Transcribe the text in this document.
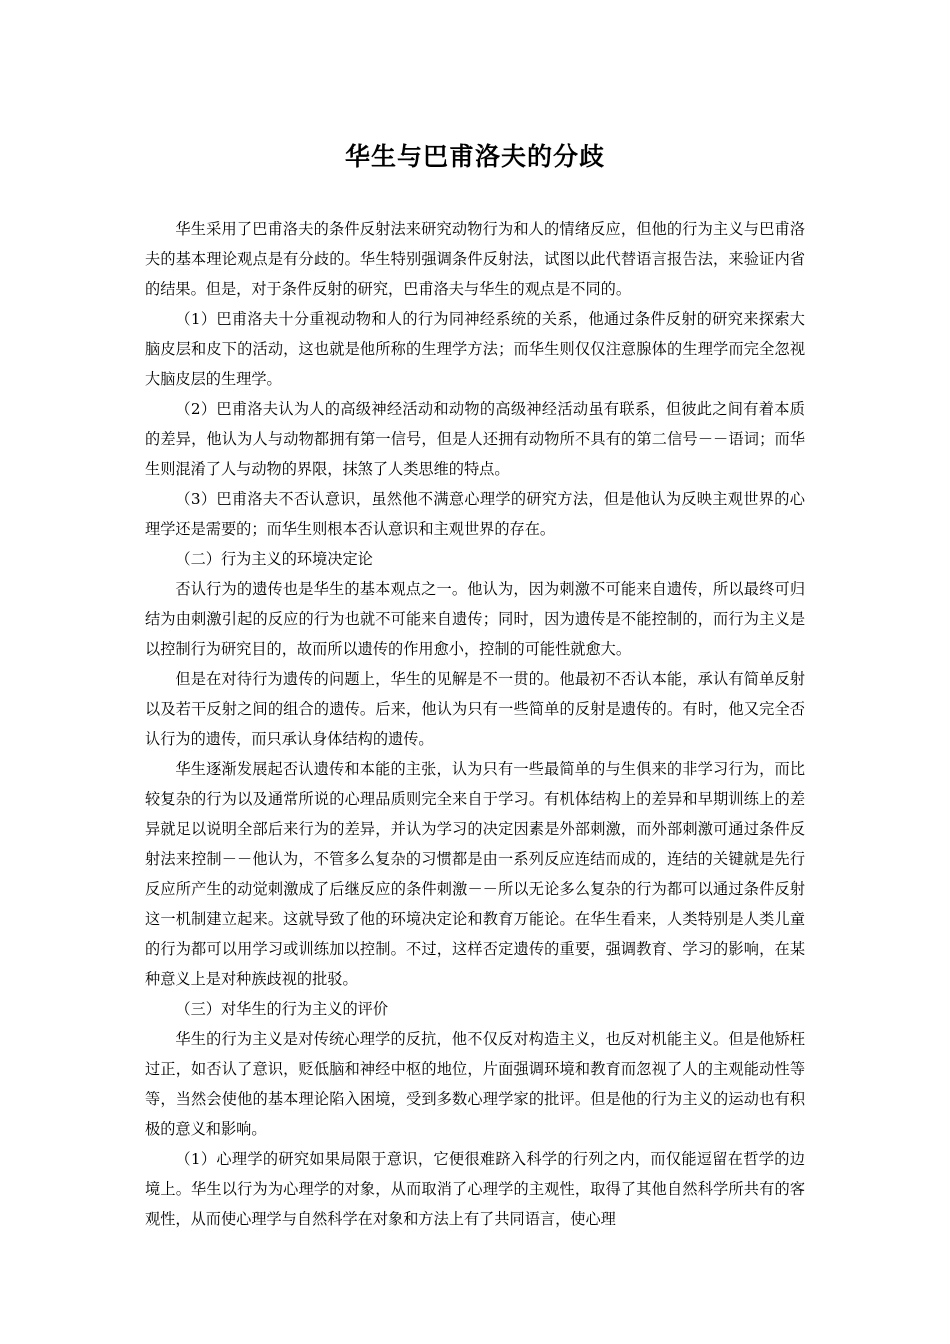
华生与巴甫洛夫的分歧

华生采用了巴甫洛夫的条件反射法来研究动物行为和人的情绪反应，但他的行为主义与巴甫洛夫的基本理论观点是有分歧的。华生特别强调条件反射法，试图以此代替语言报告法，来验证内省的结果。但是，对于条件反射的研究，巴甫洛夫与华生的观点是不同的。

（1）巴甫洛夫十分重视动物和人的行为同神经系统的关系，他通过条件反射的研究来探索大脑皮层和皮下的活动，这也就是他所称的生理学方法；而华生则仅仅注意腺体的生理学而完全忽视大脑皮层的生理学。

（2）巴甫洛夫认为人的高级神经活动和动物的高级神经活动虽有联系，但彼此之间有着本质的差异，他认为人与动物都拥有第一信号，但是人还拥有动物所不具有的第二信号－－语词；而华生则混淆了人与动物的界限，抹煞了人类思维的特点。

（3）巴甫洛夫不否认意识，虽然他不满意心理学的研究方法，但是他认为反映主观世界的心理学还是需要的；而华生则根本否认意识和主观世界的存在。

（二）行为主义的环境决定论

否认行为的遗传也是华生的基本观点之一。他认为，因为刺激不可能来自遗传，所以最终可归结为由刺激引起的反应的行为也就不可能来自遗传；同时，因为遗传是不能控制的，而行为主义是以控制行为研究目的，故而所以遗传的作用愈小，控制的可能性就愈大。

但是在对待行为遗传的问题上，华生的见解是不一贯的。他最初不否认本能，承认有简单反射以及若干反射之间的组合的遗传。后来，他认为只有一些简单的反射是遗传的。有时，他又完全否认行为的遗传，而只承认身体结构的遗传。

华生逐渐发展起否认遗传和本能的主张，认为只有一些最简单的与生俱来的非学习行为，而比较复杂的行为以及通常所说的心理品质则完全来自于学习。有机体结构上的差异和早期训练上的差异就足以说明全部后来行为的差异，并认为学习的决定因素是外部刺激，而外部刺激可通过条件反射法来控制－－他认为，不管多么复杂的习惯都是由一系列反应连结而成的，连结的关键就是先行反应所产生的动觉刺激成了后继反应的条件刺激－－所以无论多么复杂的行为都可以通过条件反射这一机制建立起来。这就导致了他的环境决定论和教育万能论。在华生看来，人类特别是人类儿童的行为都可以用学习或训练加以控制。不过，这样否定遗传的重要，强调教育、学习的影响，在某种意义上是对种族歧视的批驳。

（三）对华生的行为主义的评价

华生的行为主义是对传统心理学的反抗，他不仅反对构造主义，也反对机能主义。但是他矫枉过正，如否认了意识，贬低脑和神经中枢的地位，片面强调环境和教育而忽视了人的主观能动性等等，当然会使他的基本理论陷入困境，受到多数心理学家的批评。但是他的行为主义的运动也有积极的意义和影响。

（1）心理学的研究如果局限于意识，它便很难跻入科学的行列之内，而仅能逗留在哲学的边境上。华生以行为为心理学的对象，从而取消了心理学的主观性，取得了其他自然科学所共有的客观性，从而使心理学与自然科学在对象和方法上有了共同语言，使心理
